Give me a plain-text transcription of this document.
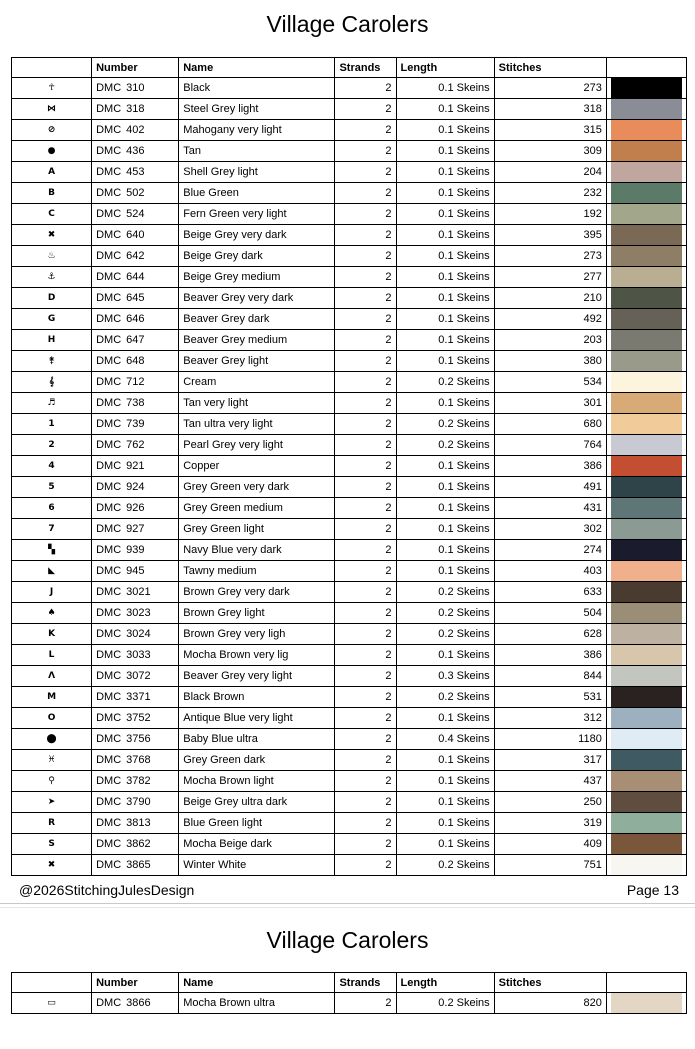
Village Carolers
	Number	Name	Strands	Length	Stitches	
☥	DMC 310	Black	2	0.1 Skeins	273	

⋈	DMC 318	Steel Grey light	2	0.1 Skeins	318	

⊘	DMC 402	Mahogany very light	2	0.1 Skeins	315	

●	DMC 436	Tan	2	0.1 Skeins	309	

A	DMC 453	Shell Grey light	2	0.1 Skeins	204	

B	DMC 502	Blue Green	2	0.1 Skeins	232	

C	DMC 524	Fern Green very light	2	0.1 Skeins	192	

✖	DMC 640	Beige Grey very dark	2	0.1 Skeins	395	

♨	DMC 642	Beige Grey dark	2	0.1 Skeins	273	

⚓	DMC 644	Beige Grey medium	2	0.1 Skeins	277	

D	DMC 645	Beaver Grey very dark	2	0.1 Skeins	210	

G	DMC 646	Beaver Grey dark	2	0.1 Skeins	492	

H	DMC 647	Beaver Grey medium	2	0.1 Skeins	203	

⚵	DMC 648	Beaver Grey light	2	0.1 Skeins	380	

𝄞	DMC 712	Cream	2	0.2 Skeins	534	

♬	DMC 738	Tan very light	2	0.1 Skeins	301	

1	DMC 739	Tan ultra very light	2	0.2 Skeins	680	

2	DMC 762	Pearl Grey very light	2	0.2 Skeins	764	

4	DMC 921	Copper	2	0.1 Skeins	386	

5	DMC 924	Grey Green very dark	2	0.1 Skeins	491	

6	DMC 926	Grey Green medium	2	0.1 Skeins	431	

7	DMC 927	Grey Green light	2	0.1 Skeins	302	

▚	DMC 939	Navy Blue very dark	2	0.1 Skeins	274	

◣	DMC 945	Tawny medium	2	0.1 Skeins	403	

J	DMC 3021	Brown Grey very dark	2	0.2 Skeins	633	

♠	DMC 3023	Brown Grey light	2	0.2 Skeins	504	

K	DMC 3024	Brown Grey very ligh	2	0.2 Skeins	628	

L	DMC 3033	Mocha Brown very lig	2	0.1 Skeins	386	

Λ	DMC 3072	Beaver Grey very light	2	0.3 Skeins	844	

M	DMC 3371	Black Brown	2	0.2 Skeins	531	

O	DMC 3752	Antique Blue very light	2	0.1 Skeins	312	

⬤	DMC 3756	Baby Blue ultra	2	0.4 Skeins	1180	

♓	DMC 3768	Grey Green dark	2	0.1 Skeins	317	

⚲	DMC 3782	Mocha Brown light	2	0.1 Skeins	437	

➤	DMC 3790	Beige Grey ultra dark	2	0.1 Skeins	250	

R	DMC 3813	Blue Green light	2	0.1 Skeins	319	

S	DMC 3862	Mocha Beige dark	2	0.1 Skeins	409	

✖	DMC 3865	Winter White	2	0.2 Skeins	751	
@2026StitchingJulesDesign	Page 13
Village Carolers
	Number	Name	Strands	Length	Stitches	
▭	DMC 3866	Mocha Brown ultra	2	0.2 Skeins	820	
